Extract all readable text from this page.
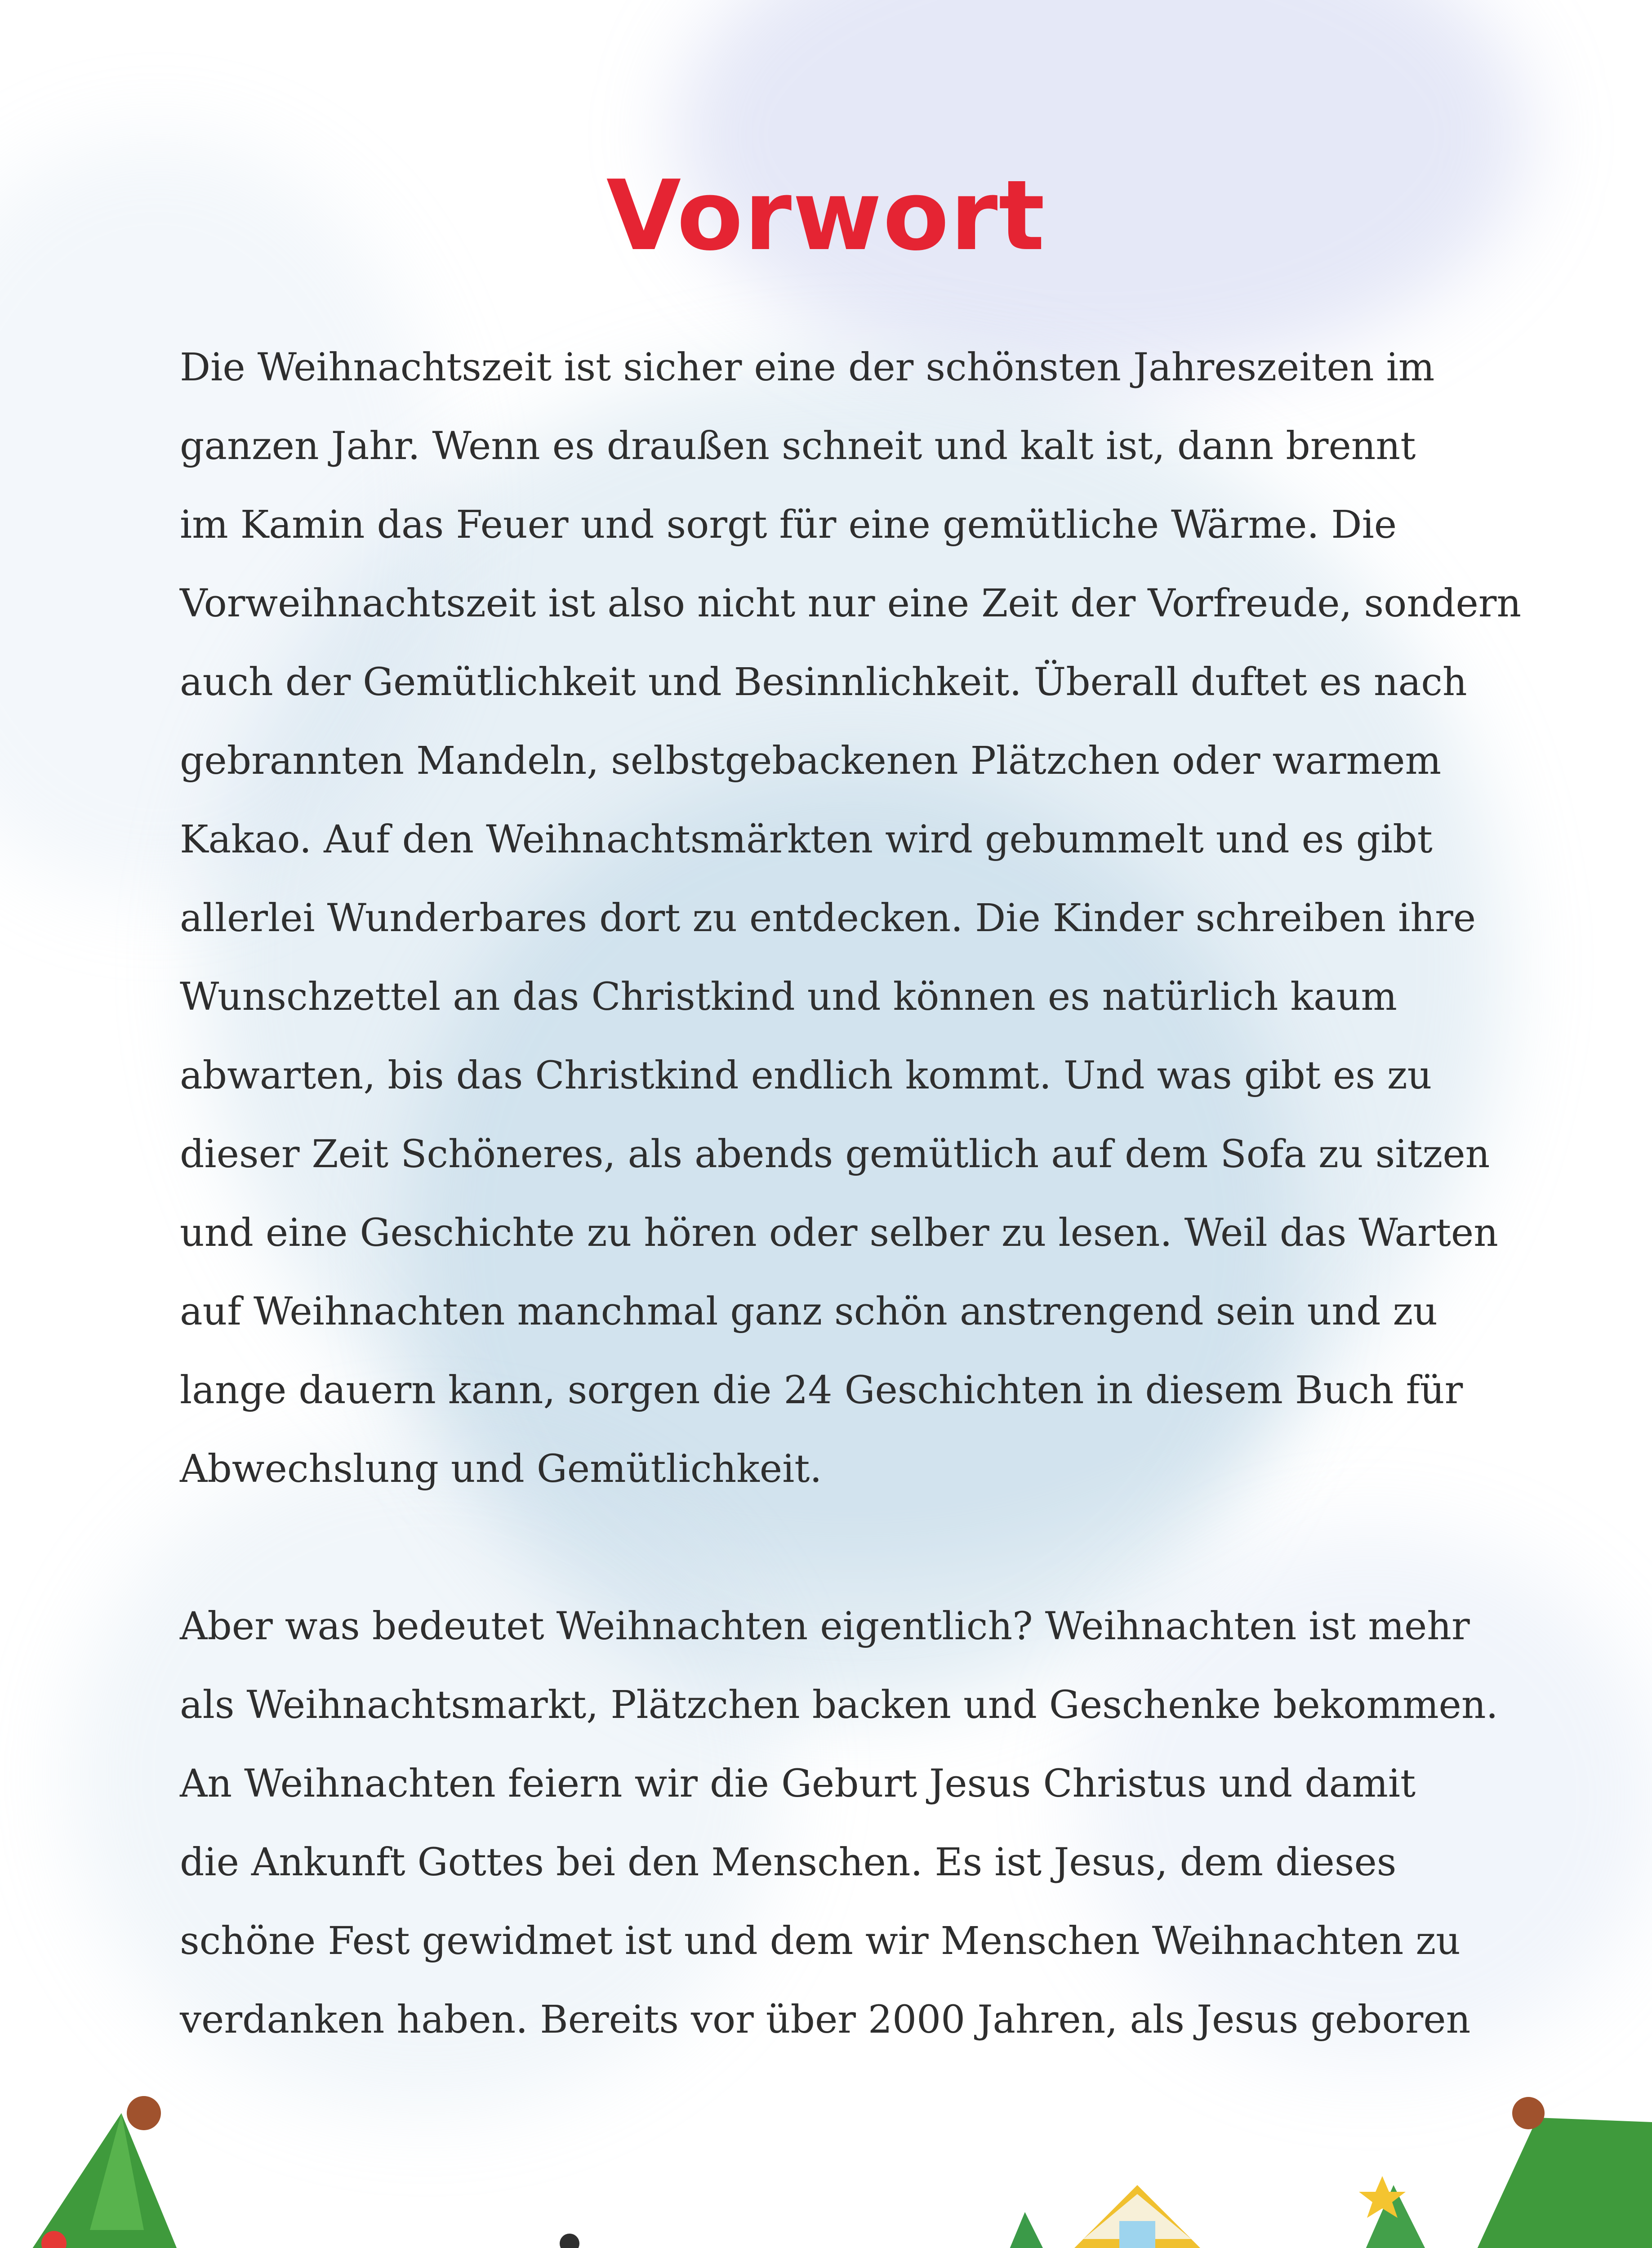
Vorwort
Die Weihnachtszeit ist sicher eine der schönsten Jahreszeiten im
ganzen Jahr. Wenn es draußen schneit und kalt ist, dann brennt
im Kamin das Feuer und sorgt für eine gemütliche Wärme. Die
Vorweihnachtszeit ist also nicht nur eine Zeit der Vorfreude, sondern
auch der Gemütlichkeit und Besinnlichkeit. Überall duftet es nach
gebrannten Mandeln, selbstgebackenen Plätzchen oder warmem
Kakao. Auf den Weihnachtsmärkten wird gebummelt und es gibt
allerlei Wunderbares dort zu entdecken. Die Kinder schreiben ihre
Wunschzettel an das Christkind und können es natürlich kaum
abwarten, bis das Christkind endlich kommt. Und was gibt es zu
dieser Zeit Schöneres, als abends gemütlich auf dem Sofa zu sitzen
und eine Geschichte zu hören oder selber zu lesen. Weil das Warten
auf Weihnachten manchmal ganz schön anstrengend sein und zu
lange dauern kann, sorgen die 24 Geschichten in diesem Buch für
Abwechslung und Gemütlichkeit.
Aber was bedeutet Weihnachten eigentlich? Weihnachten ist mehr
als Weihnachtsmarkt, Plätzchen backen und Geschenke bekommen.
An Weihnachten feiern wir die Geburt Jesus Christus und damit
die Ankunft Gottes bei den Menschen. Es ist Jesus, dem dieses
schöne Fest gewidmet ist und dem wir Menschen Weihnachten zu
verdanken haben. Bereits vor über 2000 Jahren, als Jesus geboren
